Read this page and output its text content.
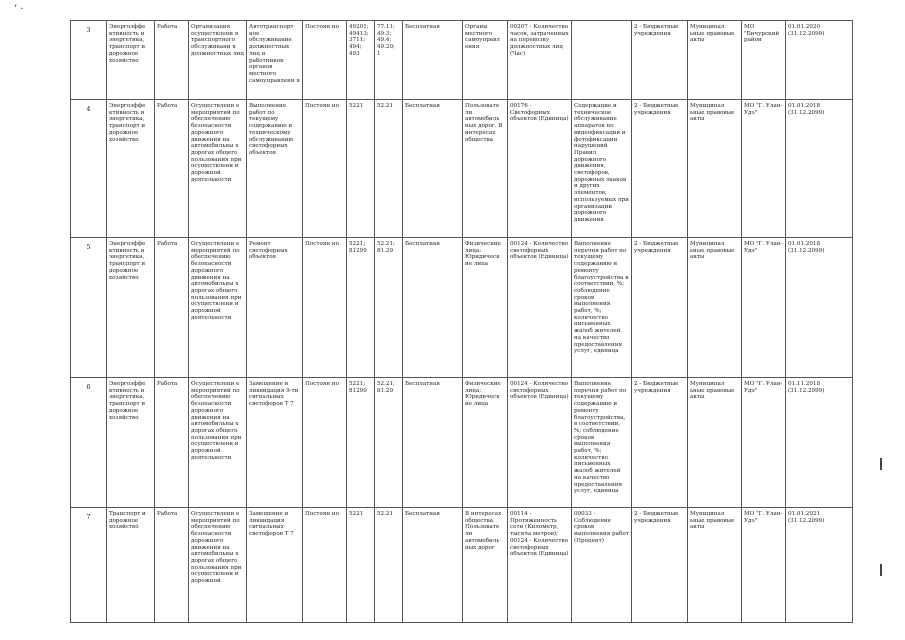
’ ·
3	Энергоэффе ктивность и энергетика, транспорт и дорожное хозяйство	Работа	Организация осуществлени я транспортного обслуживани я должностных лиц	Автотранспорт ное обслуживание должностных лиц и работников органов местного самоуправлени я	Постоян но	49201; 49413; 3711; 494; 493	77.11; 49.3; 49.4; 49.20; 1	Бесплатная	Органы местного самоуправл ения	00207 - Количество часов, затраченных на перевозку должностных лиц (Час)		2 - Бюджетные учреждения	Муниципал ьные правовые акты	МО "Бичурский район	01.01.2020 (31.12.2099)
4	Энергоэффе ктивность и энергетика, транспорт и дорожное хозяйство	Работа	Осуществлени е мероприятий по обеспечению безопасности дорожного движения на автомобильны х дорогах общего пользования при осуществлени и дорожной деятельности	Выполнение работ по текущему содержанию и техническому обслуживанию светофорных объектов	Постоян но	5221	52.21	Бесплатная	Пользовате ли автомобиль ных дорог. В интересах общества	00176 - Светофорных объектов (Единица)	Содержание и техническое обслуживание аппаратов по видеофиксации и фотофиксации нарушений Правил дорожного движения, светофоров, дорожных знаков и других элементов, используемых при организации дорожного движения	2 - Бюджетные учреждения	Муниципал ьные правовые акты	МО "Г. Улан-Удэ"	01.01.2018 (31.12.2099)
5	Энергоэффе ктивность и энергетика, транспорт и дорожное хозяйство	Работа	Осуществлени е мероприятий по обеспечению безопасности дорожного движения на автомобильны х дорогах общего пользования при осуществлени и дорожной деятельности	Ремонт светофорных объектов	Постоян но	5221; 81299	52.21; 81.29	Бесплатная	Физические лица; Юридическ ие лица	00124 - Количество светофорных объектов (Единица)	Выполнение перечня работ по текущему содержанию и ремонту благоустройства в соответствии, %; соблюдение сроков выполнения работ, %; количество письменных жалоб жителей на качество предоставления услуг, единица	2 - Бюджетные учреждения	Муниципал ьные правовые акты	МО "Г. Улан-Удэ"	01.01.2018 (31.12.2099)
6	Энергоэффе ктивность и энергетика, транспорт и дорожное хозяйство	Работа	Осуществлени е мероприятий по обеспечению безопасности дорожного движения на автомобильны х дорогах общего пользования при осуществлени и дорожной деятельности	Замещение и ликвидация 9-ти сигнальных светофоров Т 7	Постоян но	5221; 81299	52.21; 81.29	Бесплатная	Физические лица; Юридическ ие лица	00124 - Количество светофорных объектов (Единица)	Выполнение перечня работ по текущему содержанию и ремонту благоустройства, в соответствии, %; соблюдение сроков выполнения работ, %; количество письменных жалоб жителей на качество предоставления услуг, единица	2 - Бюджетные учреждения	Муниципал ьные правовые акты	МО "Г. Улан-Удэ"	01.11.2018 (31.12.2099)
7	Транспорт и дорожное хозяйство	Работа	Осуществлени е мероприятий по обеспечению безопасности дорожного движения на автомобильны х дорогах общего пользования при осуществлени и дорожной	Замещение и ликвидация сигнальных светофоров Т 7	Постоян но	5221	52.21	Бесплатная	В интересах общества. Пользовате ли автомобиль ных дорог	00114 - Протяженность сети (Километр, тысяча метров); 00124 - Количество светофорных объектов (Единица)	00033 - Соблюдение сроков выполнения работ (Процент)	2 - Бюджетные учреждения	Муниципал ьные правовые акты	МО "Г. Улан-Удэ"	01.01.2021 (31.12.2099)
